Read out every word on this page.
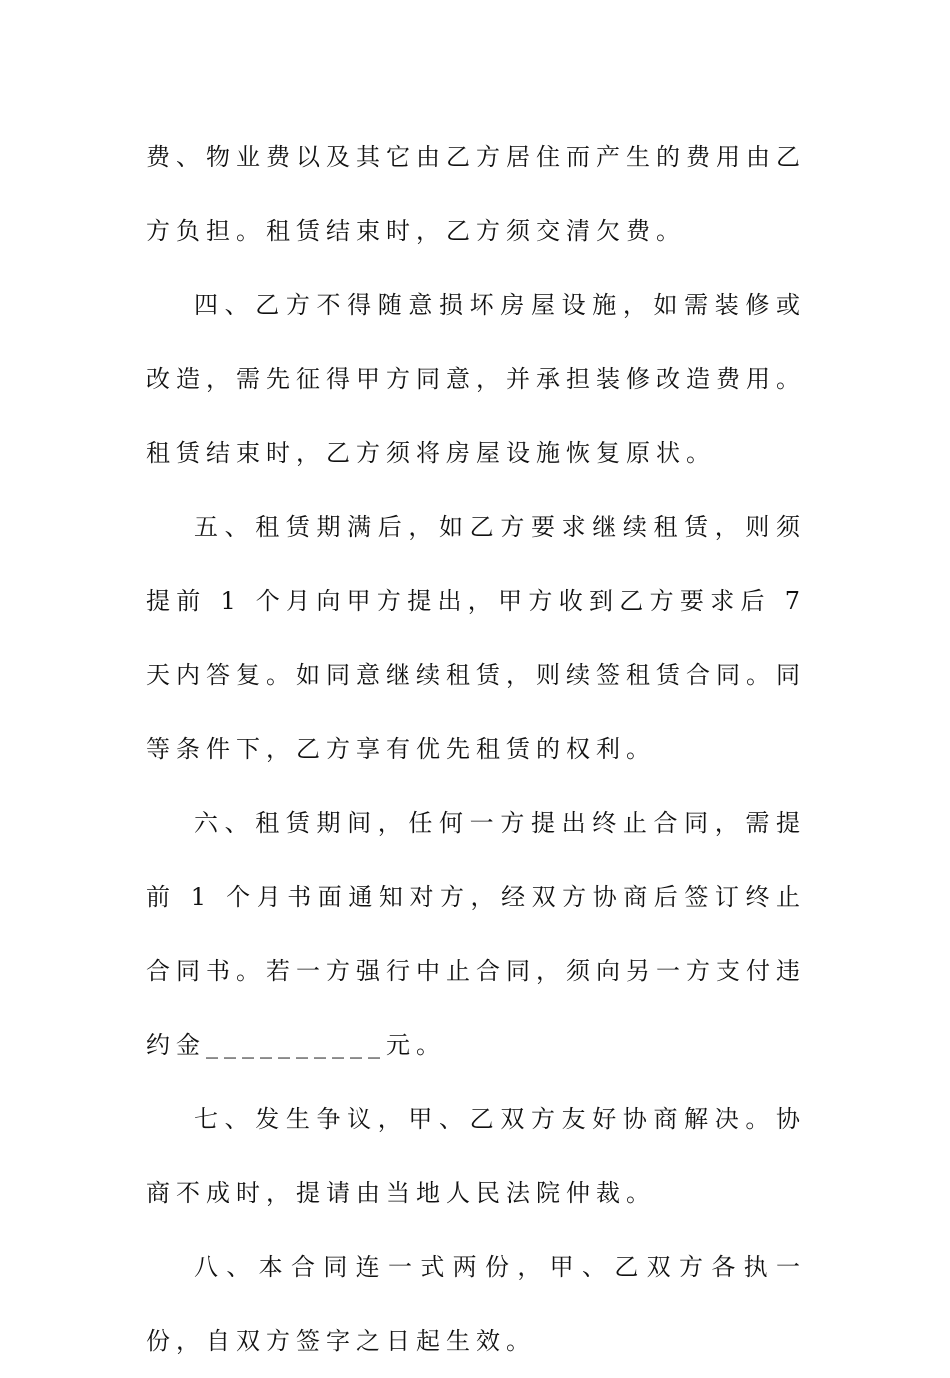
费、物业费以及其它由乙方居住而产生的费用由乙方负担。租赁结束时，乙方须交清欠费。

四、乙方不得随意损坏房屋设施，如需装修或改造，需先征得甲方同意，并承担装修改造费用。租赁结束时，乙方须将房屋设施恢复原状。

五、租赁期满后，如乙方要求继续租赁，则须提前 1 个月向甲方提出，甲方收到乙方要求后 7 天内答复。如同意继续租赁，则续签租赁合同。同等条件下，乙方享有优先租赁的权利。

六、租赁期间，任何一方提出终止合同，需提前 1 个月书面通知对方，经双方协商后签订终止合同书。若一方强行中止合同，须向另一方支付违约金__________元。

七、发生争议，甲、乙双方友好协商解决。协商不成时，提请由当地人民法院仲裁。

八、本合同连一式两份，甲、乙双方各执一份，自双方签字之日起生效。
